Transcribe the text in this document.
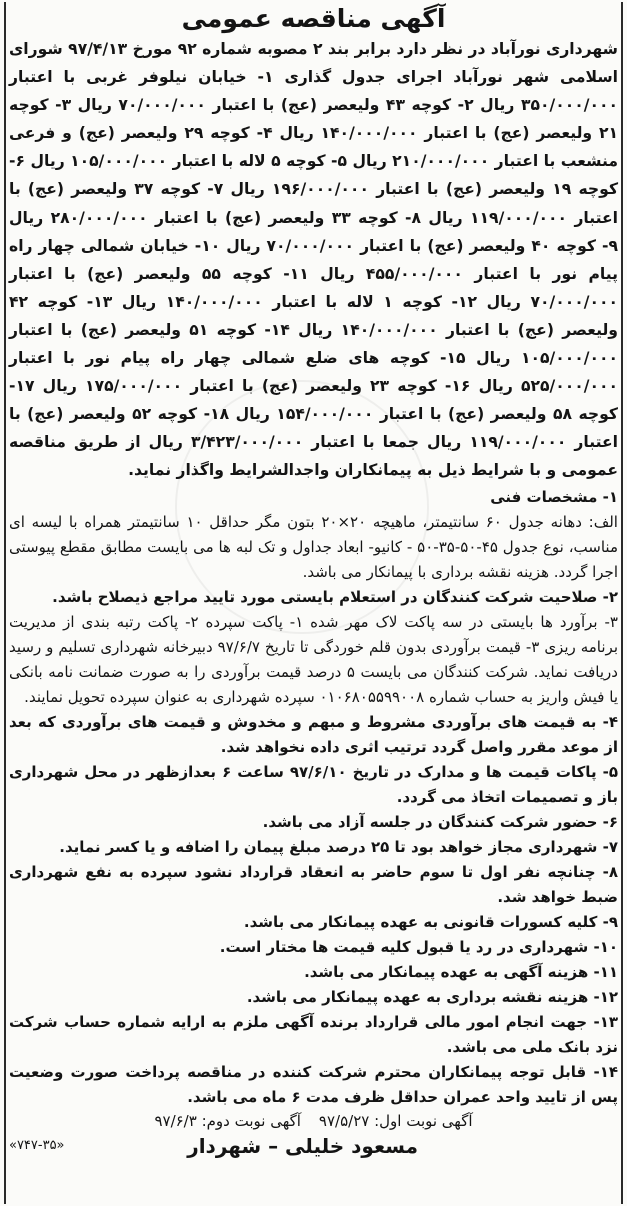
آگهی مناقصه عمومی

شهرداری نورآباد در نظر دارد برابر بند ۲ مصوبه شماره ۹۲ مورخ ۹۷/۴/۱۳ شورای اسلامی شهر نورآباد اجرای جدول گذاری ۱- خیابان نیلوفر غربی با اعتبار ۳۵۰/۰۰۰/۰۰۰ ریال ۲- کوچه ۴۳ ولیعصر (عج) با اعتبار ۷۰/۰۰۰/۰۰۰ ریال ۳- کوچه ۲۱ ولیعصر (عج) با اعتبار ۱۴۰/۰۰۰/۰۰۰ ریال ۴- کوچه ۲۹ ولیعصر (عج) و فرعی منشعب با اعتبار ۲۱۰/۰۰۰/۰۰۰ ریال ۵- کوچه ۵ لاله با اعتبار ۱۰۵/۰۰۰/۰۰۰ ریال ۶- کوچه ۱۹ ولیعصر (عج) با اعتبار ۱۹۶/۰۰۰/۰۰۰ ریال ۷- کوچه ۳۷ ولیعصر (عج) با اعتبار ۱۱۹/۰۰۰/۰۰۰ ریال ۸- کوچه ۳۳ ولیعصر (عج) با اعتبار ۲۸۰/۰۰۰/۰۰۰ ریال ۹- کوچه ۴۰ ولیعصر (عج) با اعتبار ۷۰/۰۰۰/۰۰۰ ریال ۱۰- خیابان شمالی چهار راه پیام نور با اعتبار ۴۵۵/۰۰۰/۰۰۰ ریال ۱۱- کوچه ۵۵ ولیعصر (عج) با اعتبار ۷۰/۰۰۰/۰۰۰ ریال ۱۲- کوچه ۱ لاله با اعتبار ۱۴۰/۰۰۰/۰۰۰ ریال ۱۳- کوچه ۴۲ ولیعصر (عج) با اعتبار ۱۴۰/۰۰۰/۰۰۰ ریال ۱۴- کوچه ۵۱ ولیعصر (عج) با اعتبار ۱۰۵/۰۰۰/۰۰۰ ریال ۱۵- کوچه های ضلع شمالی چهار راه پیام نور با اعتبار ۵۲۵/۰۰۰/۰۰۰ ریال ۱۶- کوچه ۲۳ ولیعصر (عج) با اعتبار ۱۷۵/۰۰۰/۰۰۰ ریال ۱۷- کوچه ۵۸ ولیعصر (عج) با اعتبار ۱۵۴/۰۰۰/۰۰۰ ریال ۱۸- کوچه ۵۲ ولیعصر (عج) با اعتبار ۱۱۹/۰۰۰/۰۰۰ ریال جمعا با اعتبار ۳/۴۲۳/۰۰۰/۰۰۰ ریال از طریق مناقصه عمومی و با شرایط ذیل به پیمانکاران واجدالشرایط واگذار نماید.

۱- مشخصات فنی

الف: دهانه جدول ۶۰ سانتیمتر، ماهیچه ۲۰×۲۰ بتون مگر حداقل ۱۰ سانتیمتر همراه با لیسه ای مناسب، نوع جدول ۴۵-۵۰-۳۵-۵۰ - کانیو- ابعاد جداول و تک لبه ها می بایست مطابق مقطع پیوستی اجرا گردد. هزینه نقشه برداری با پیمانکار می باشد.

۲- صلاحیت شرکت کنندگان در استعلام بایستی مورد تایید مراجع ذیصلاح باشد.

۳- برآورد ها بایستی در سه پاکت لاک مهر شده ۱- پاکت سپرده ۲- پاکت رتبه بندی از مدیریت برنامه ریزی ۳- قیمت برآوردی بدون قلم خوردگی تا تاریخ ۹۷/۶/۷ دبیرخانه شهرداری تسلیم و رسید دریافت نماید. شرکت کنندگان می بایست ۵ درصد قیمت برآوردی را به صورت ضمانت نامه بانکی یا فیش واریز به حساب شماره ۰۱۰۶۸۰۵۵۹۹۰۰۸ سپرده شهرداری به عنوان سپرده تحویل نمایند.

۴- به قیمت های برآوردی مشروط و مبهم و مخدوش و قیمت های برآوردی که بعد از موعد مقرر واصل گردد ترتیب اثری داده نخواهد شد.

۵- پاکات قیمت ها و مدارک در تاریخ ۹۷/۶/۱۰ ساعت ۶ بعدازظهر در محل شهرداری باز و تصمیمات اتخاذ می گردد.

۶- حضور شرکت کنندگان در جلسه آزاد می باشد.

۷- شهرداری مجاز خواهد بود تا ۲۵ درصد مبلغ پیمان را اضافه و یا کسر نماید.

۸- چنانچه نفر اول تا سوم حاضر به انعقاد قرارداد نشود سپرده به نفع شهرداری ضبط خواهد شد.

۹- کلیه کسورات قانونی به عهده پیمانکار می باشد.

۱۰- شهرداری در رد یا قبول کلیه قیمت ها مختار است.

۱۱- هزینه آگهی به عهده پیمانکار می باشد.

۱۲- هزینه نقشه برداری به عهده پیمانکار می باشد.

۱۳- جهت انجام امور مالی قرارداد برنده آگهی ملزم به ارایه شماره حساب شرکت نزد بانک ملی می باشد.

۱۴- قابل توجه پیمانکاران محترم شرکت کننده در مناقصه پرداخت صورت وضعیت پس از تایید واحد عمران حداقل ظرف مدت ۶ ماه می باشد.

آگهی نوبت اول: ۹۷/۵/۲۷
آگهی نوبت دوم: ۹۷/۶/۳
مسعود خلیلی – شهردار
«۷۴۷-۳۵»
